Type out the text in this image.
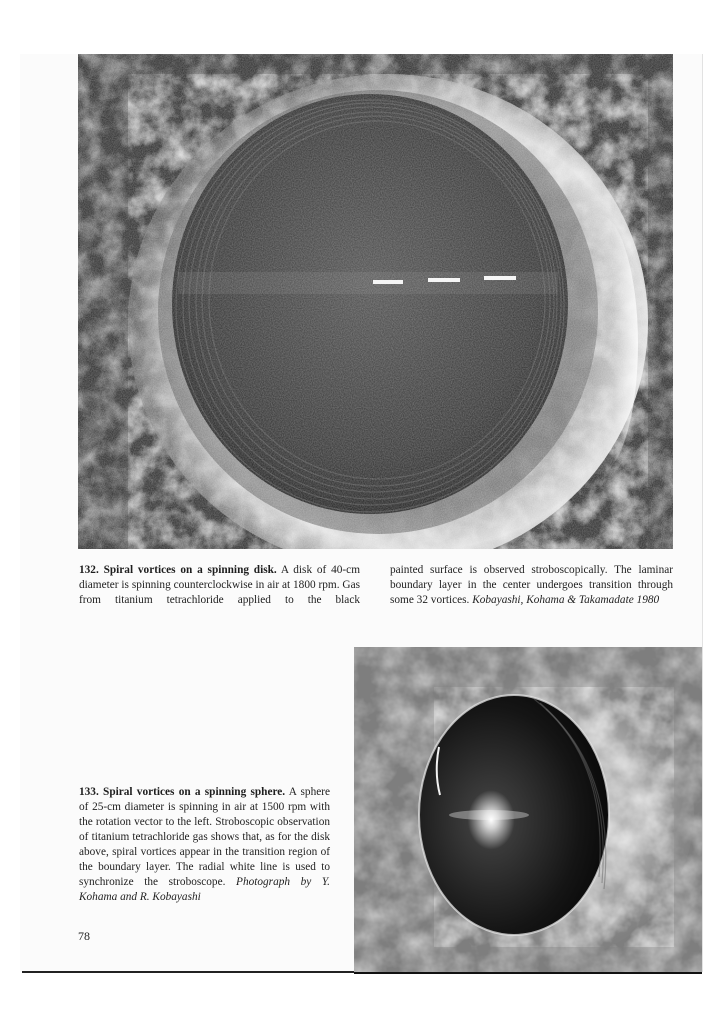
132. Spiral vortices on a spinning disk. A disk of 40-cm diameter is spinning counterclockwise in air at 1800 rpm. Gas from titanium tetrachloride applied to the black
painted surface is observed stroboscopically. The laminar boundary layer in the center undergoes transition through some 32 vortices. Kobayashi, Kohama & Takamadate 1980
133. Spiral vortices on a spinning sphere. A sphere of 25-cm diameter is spinning in air at 1500 rpm with the rotation vector to the left. Stroboscopic observation of titanium tetrachloride gas shows that, as for the disk above, spiral vortices appear in the transition region of the boundary layer. The radial white line is used to synchronize the stroboscope. Photograph by Y. Kohama and R. Kobayashi
78
